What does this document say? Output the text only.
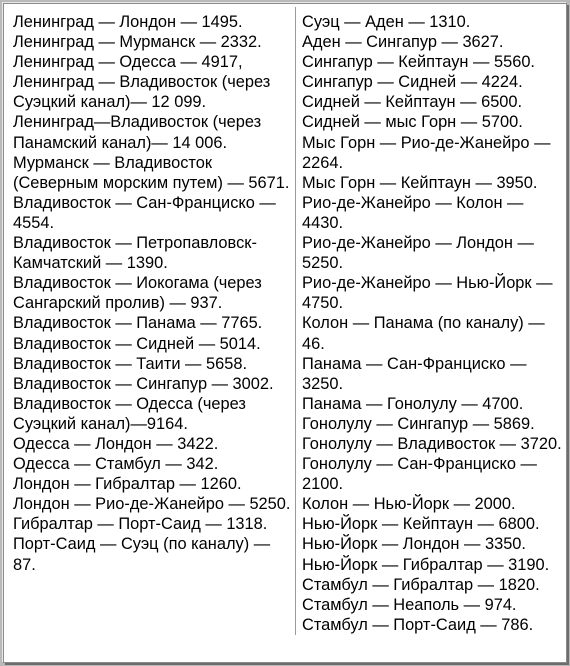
Ленинград — Лондон — 1495.

Ленинград — Мурманск — 2332.

Ленинград — Одесса — 4917,

Ленинград — Владивосток (через Суэцкий канал)— 12 099.

Ленинград—Владивосток (через Панамский канал)— 14 006.

Мурманск — Владивосток (Северным морским путем) — 5671.

Владивосток — Сан-Франциско — 4554.

Владивосток — Петропавловск-Камчатский — 1390.

Владивосток — Иокогама (через Сангарский пролив) — 937.

Владивосток — Панама — 7765.

Владивосток — Сидней — 5014.

Владивосток — Таити — 5658.

Владивосток — Сингапур — 3002.

Владивосток — Одесса (через Суэцкий канал)—9164.

Одесса — Лондон — 3422.

Одесса — Стамбул — 342.

Лондон — Гибралтар — 1260.

Лондон — Рио-де-Жанейро — 5250.

Гибралтар — Порт-Саид — 1318.

Порт-Саид — Суэц (по каналу) — 87.

Суэц — Аден — 1310.

Аден — Сингапур — 3627.

Сингапур — Кейптаун — 5560.

Сингапур — Сидней — 4224.

Сидней — Кейптаун — 6500.

Сидней — мыс Горн — 5700.

Мыс Горн — Рио-де-Жанейро — 2264.

Мыс Горн — Кейптаун — 3950.

Рио-де-Жанейро — Колон — 4430.

Рио-де-Жанейро — Лондон — 5250.

Рио-де-Жанейро — Нью-Йорк — 4750.

Колон — Панама (по каналу) — 46.

Панама — Сан-Франциско — 3250.

Панама — Гонолулу — 4700.

Гонолулу — Сингапур — 5869.

Гонолулу — Владивосток — 3720.

Гонолулу — Сан-Франциско — 2100.

Колон — Нью-Йорк — 2000.

Нью-Йорк — Кейптаун — 6800.

Нью-Йорк — Лондон — 3350.

Нью-Йорк — Гибралтар — 3190.

Стамбул — Гибралтар — 1820.

Стамбул — Неаполь — 974.

Стамбул — Порт-Саид — 786.
